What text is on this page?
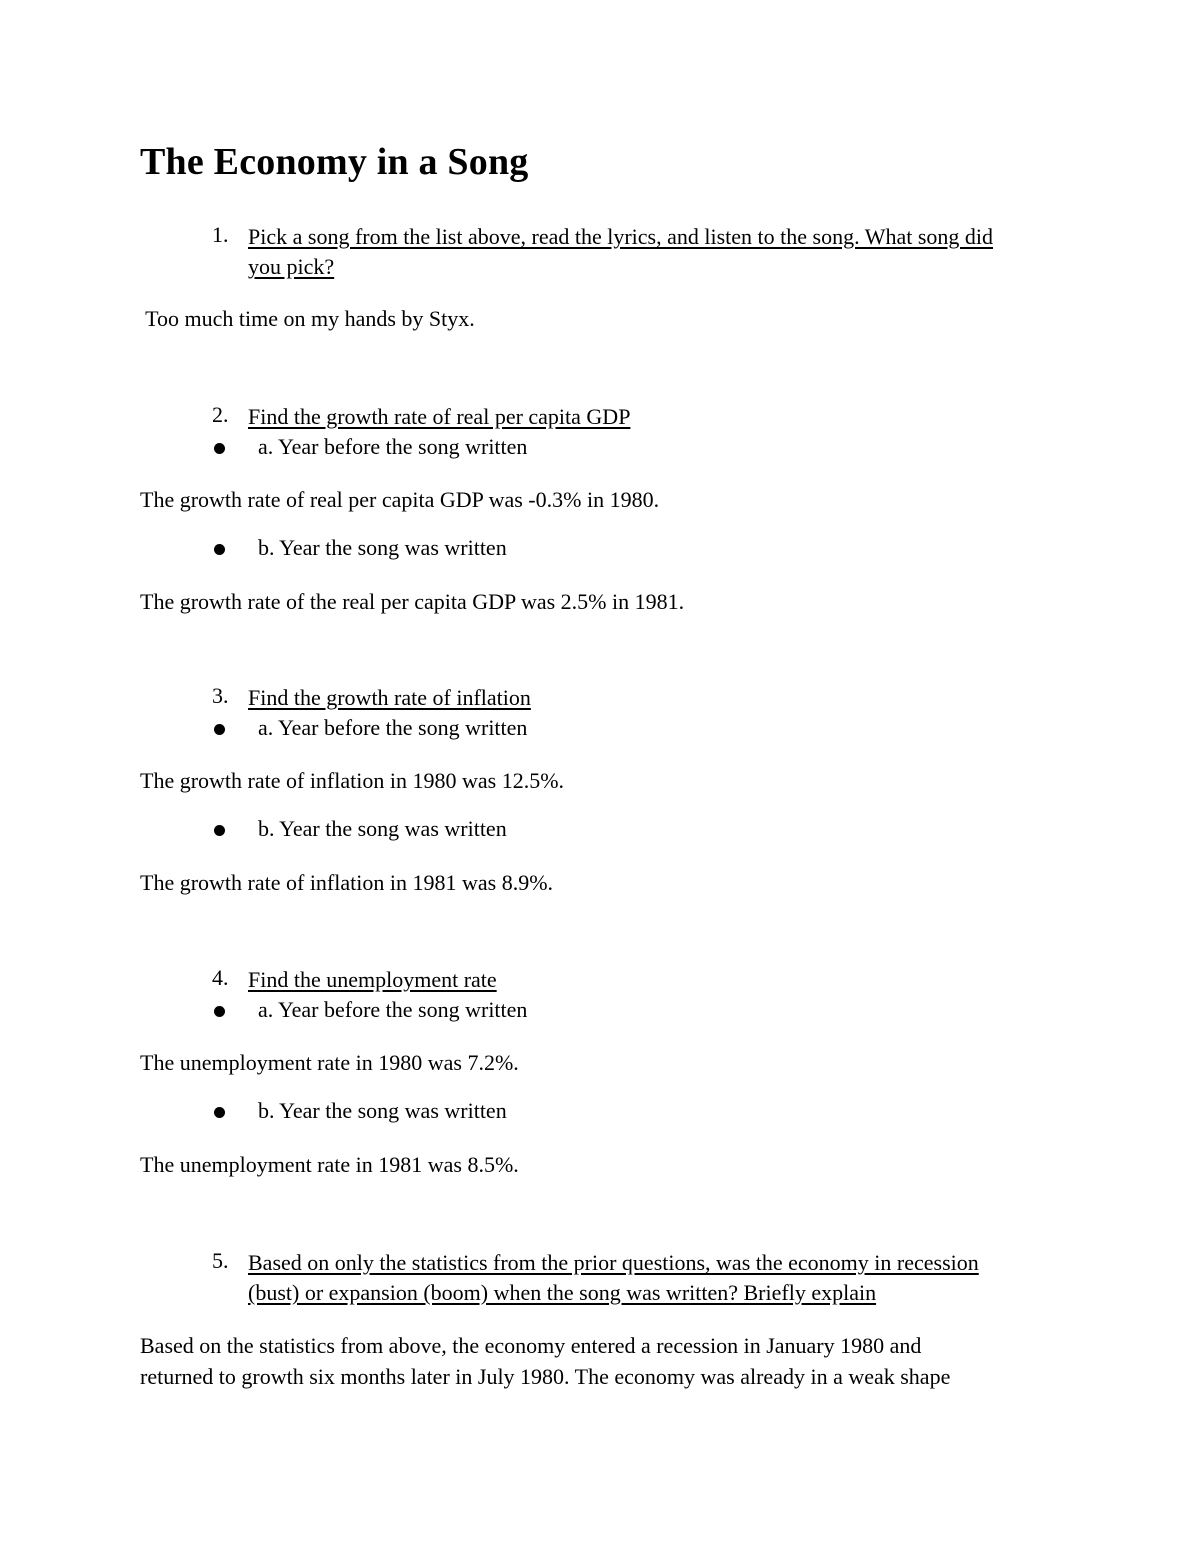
The Economy in a Song
1. Pick a song from the list above, read the lyrics, and listen to the song. What song did
you pick?
Too much time on my hands by Styx.
2. Find the growth rate of real per capita GDP
a. Year before the song written
The growth rate of real per capita GDP was -0.3% in 1980.
b. Year the song was written
The growth rate of the real per capita GDP was 2.5% in 1981.
3. Find the growth rate of inflation
a. Year before the song written
The growth rate of inflation in 1980 was 12.5%.
b. Year the song was written
The growth rate of inflation in 1981 was 8.9%.
4. Find the unemployment rate
a. Year before the song written
The unemployment rate in 1980 was 7.2%.
b. Year the song was written
The unemployment rate in 1981 was 8.5%.
5. Based on only the statistics from the prior questions, was the economy in recession
(bust) or expansion (boom) when the song was written? Briefly explain
Based on the statistics from above, the economy entered a recession in January 1980 and
returned to growth six months later in July 1980. The economy was already in a weak shape
